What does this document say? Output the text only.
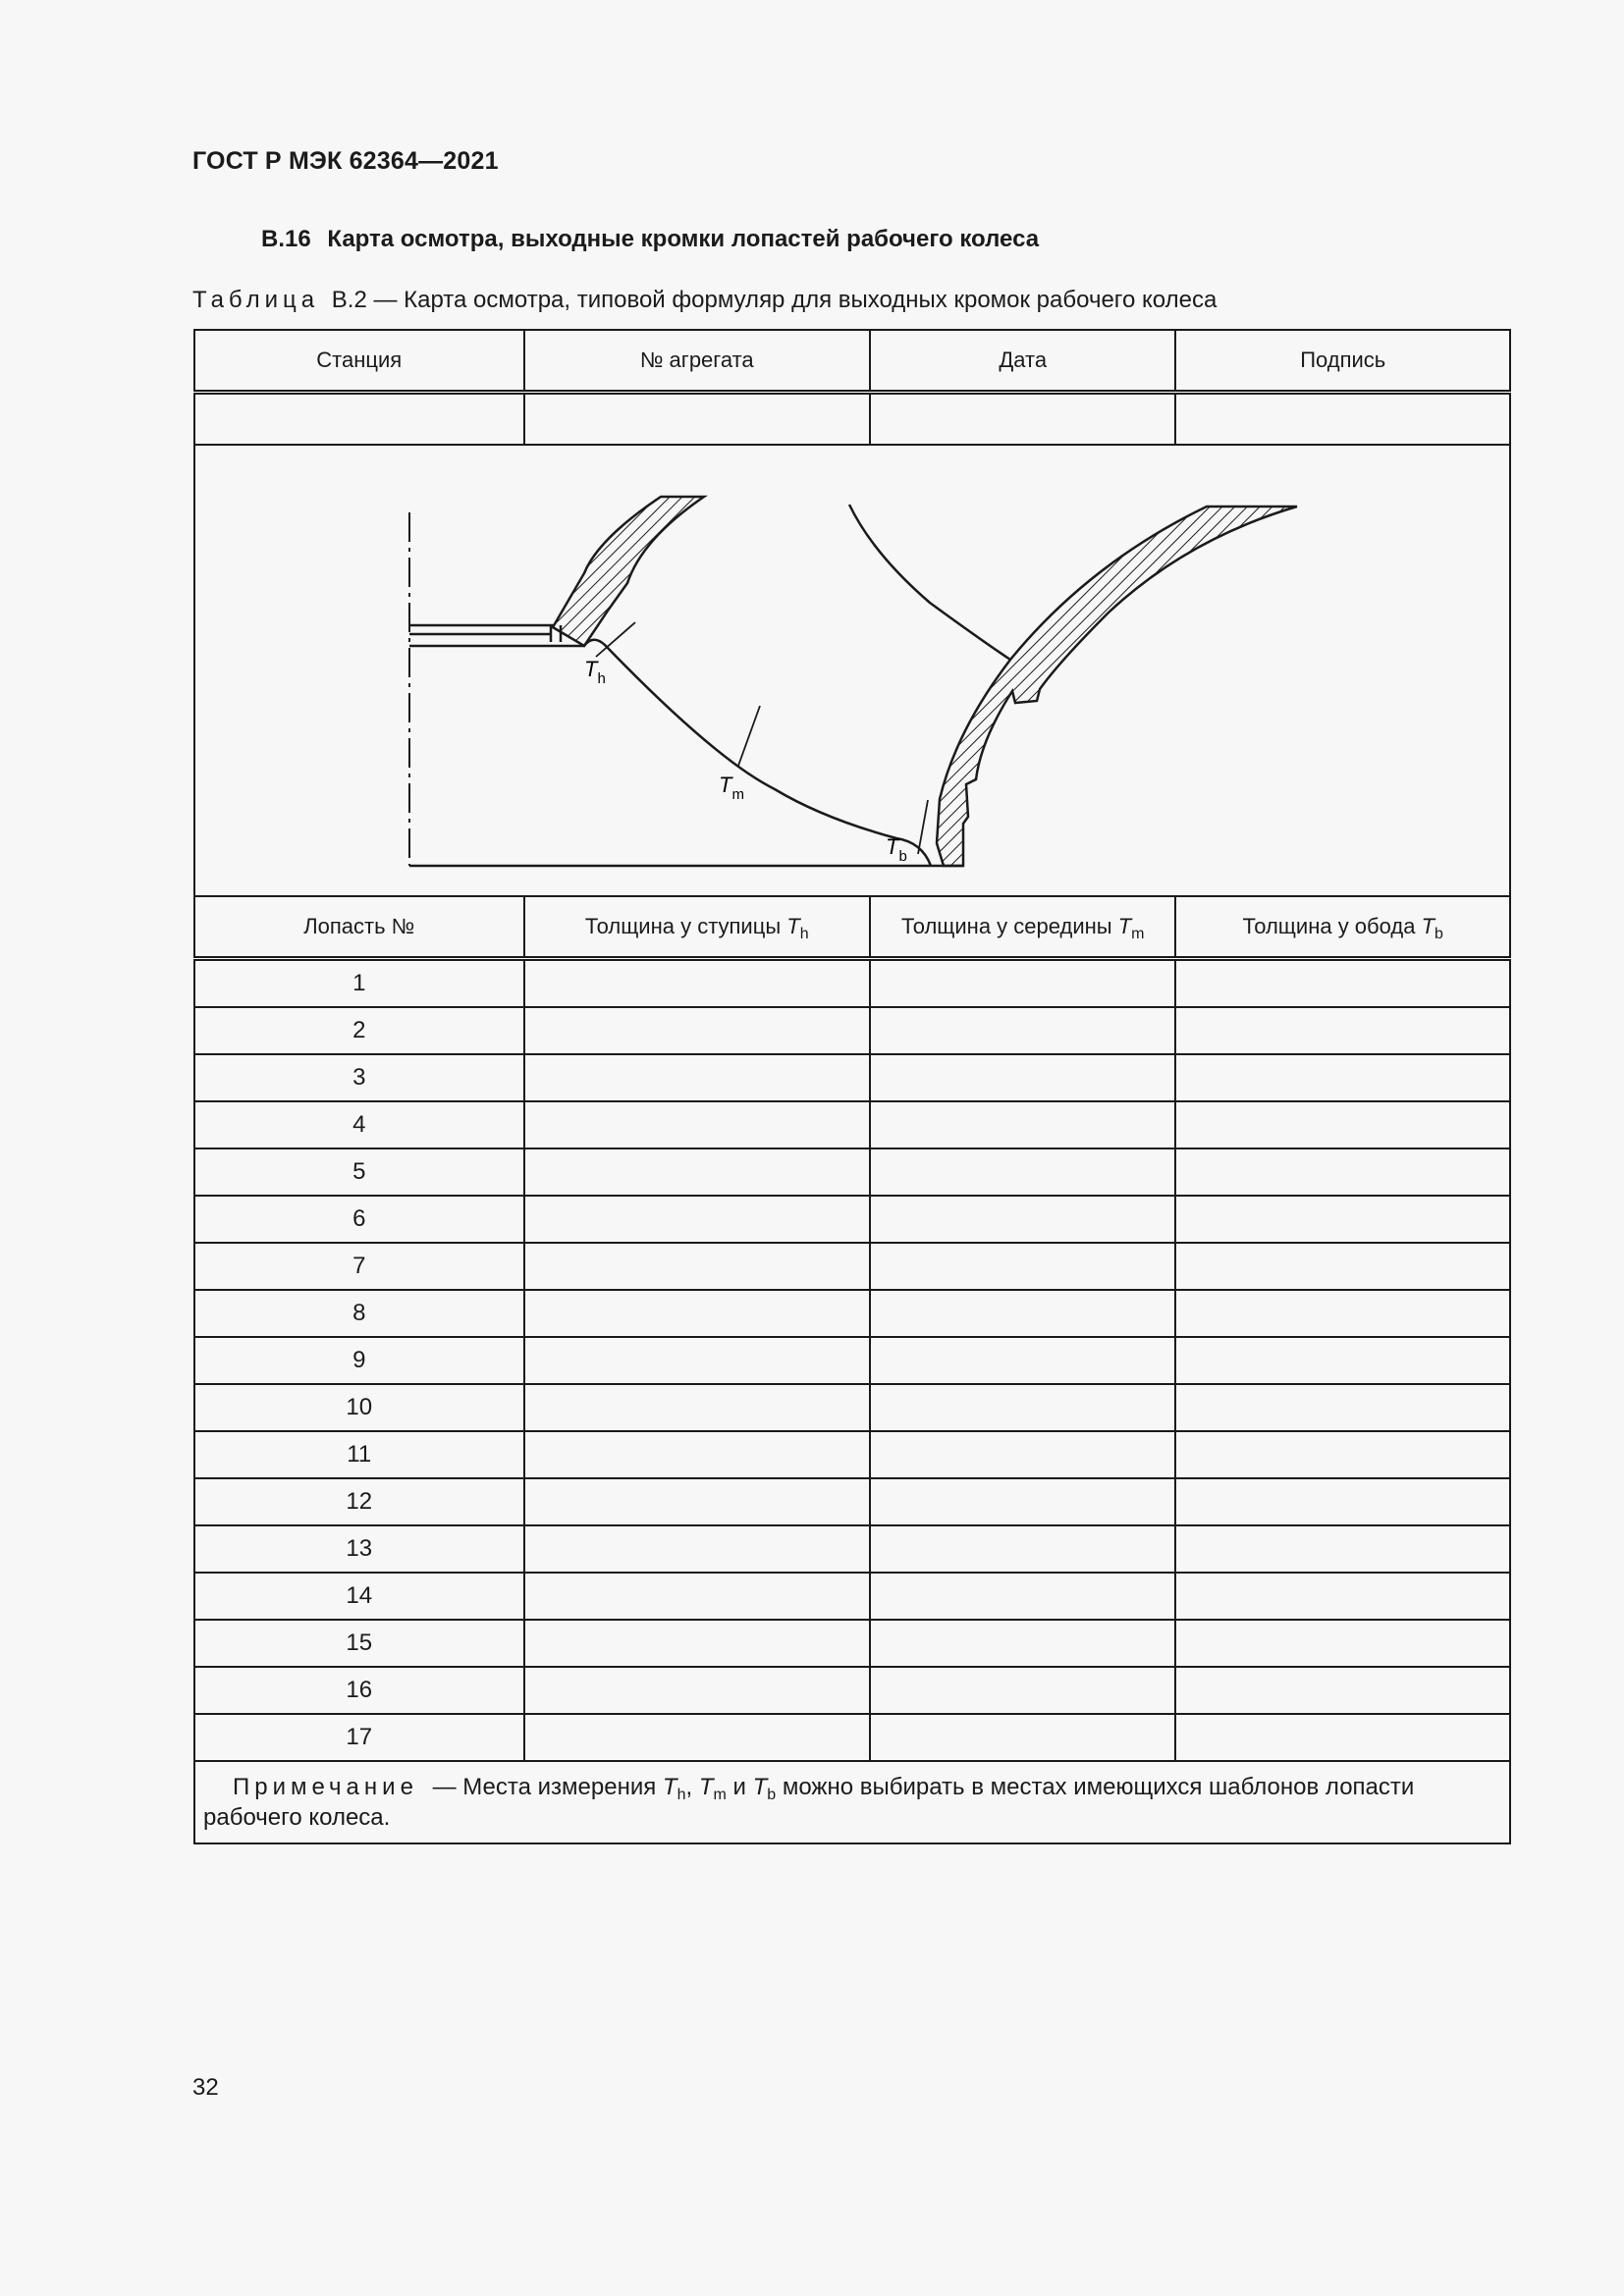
ГОСТ Р МЭК 62364—2021
B.16 Карта осмотра, выходные кромки лопастей рабочего колеса
Таблица B.2 — Карта осмотра, типовой формуляр для выходных кромок рабочего колеса
Станция	№ агрегата	Дата	Подпись

$T_h$
$T_m$
$T_b$

Лопасть №	Толщина у ступицы $T_h$	Толщина у середины $T_m$	Толщина у обода $T_b$
1			
2			
3			
4			
5			
6			
7			
8			
9			
10			
11			
12			
13			
14			
15			
16			
17			
Примечание — Места измерения $T_h$, $T_m$ и $T_b$ можно выбирать в местах имеющихся шаблонов лопасти рабочего колеса.			
32
